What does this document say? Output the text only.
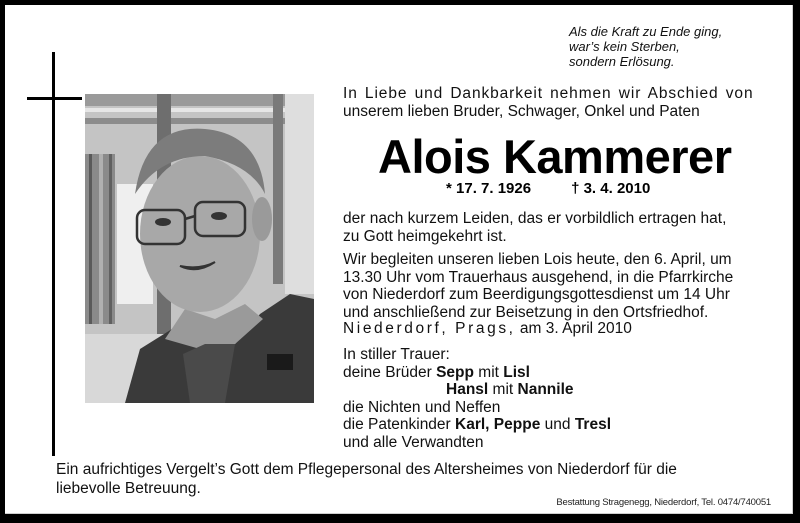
Als die Kraft zu Ende ging,
war’s kein Sterben,
sondern Erlösung.
In Liebe und Dankbarkeit nehmen wir Abschied von
unserem lieben Bruder, Schwager, Onkel und Paten
Alois Kammerer
* 17. 7. 1926	† 3. 4. 2010
der nach kurzem Leiden, das er vorbildlich ertragen hat,
zu Gott heimgekehrt ist.
Wir begleiten unseren lieben Lois heute, den 6. April, um
13.30 Uhr vom Trauerhaus ausgehend, in die Pfarrkirche
von Niederdorf zum Beerdigungsgottesdienst um 14 Uhr
und anschließend zur Beisetzung in den Ortsfriedhof.
Niederdorf, Prags, am 3. April 2010
In stiller Trauer:
deine Brüder Sepp mit Lisl
Hansl mit Nannile
die Nichten und Neffen
die Patenkinder Karl, Peppe und Tresl
und alle Verwandten
Ein aufrichtiges Vergelt’s Gott dem Pflegepersonal des Altersheimes von Niederdorf für die
liebevolle Betreuung.
Bestattung Stragenegg, Niederdorf, Tel. 0474/740051
